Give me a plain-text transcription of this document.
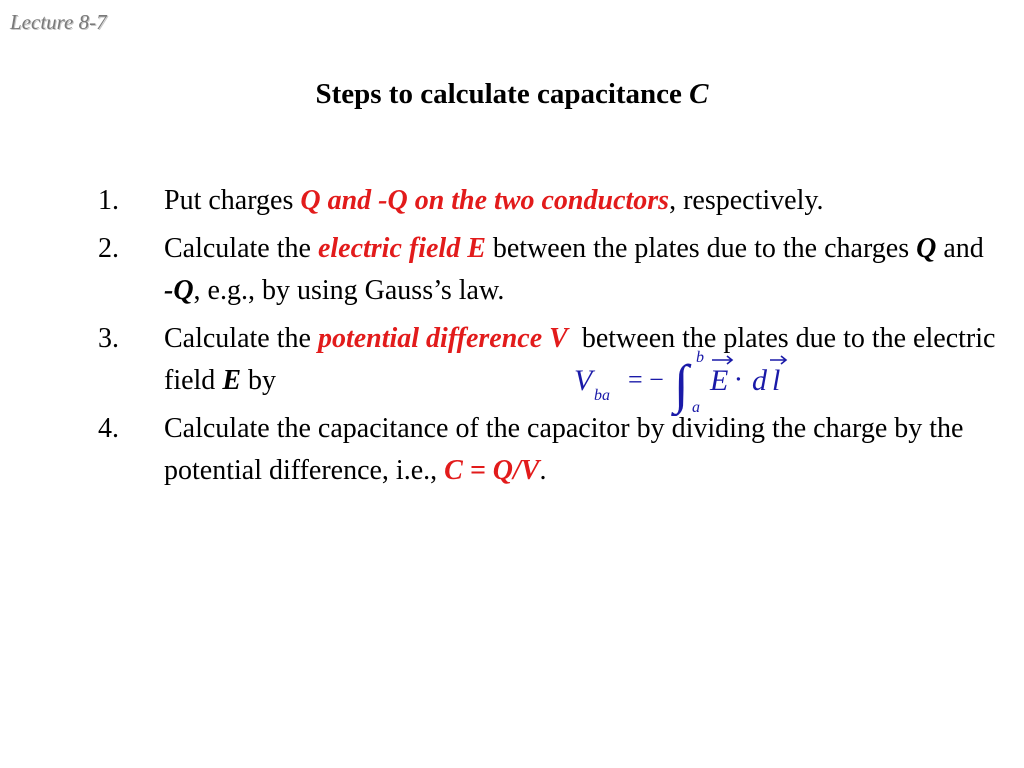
Lecture 8-7
Steps to calculate capacitance C
1. Put charges Q and -Q on the two conductors, respectively.
2. Calculate the electric field E between the plates due to the charges Q and -Q, e.g., by using Gauss’s law.
3. Calculate the potential difference V  between the plates due to the electric field E by
4. Calculate the capacitance of the capacitor by dividing the charge by the potential difference, i.e., C = Q/V.
V ba
= − ∫ b
a
E ⋅ d l
